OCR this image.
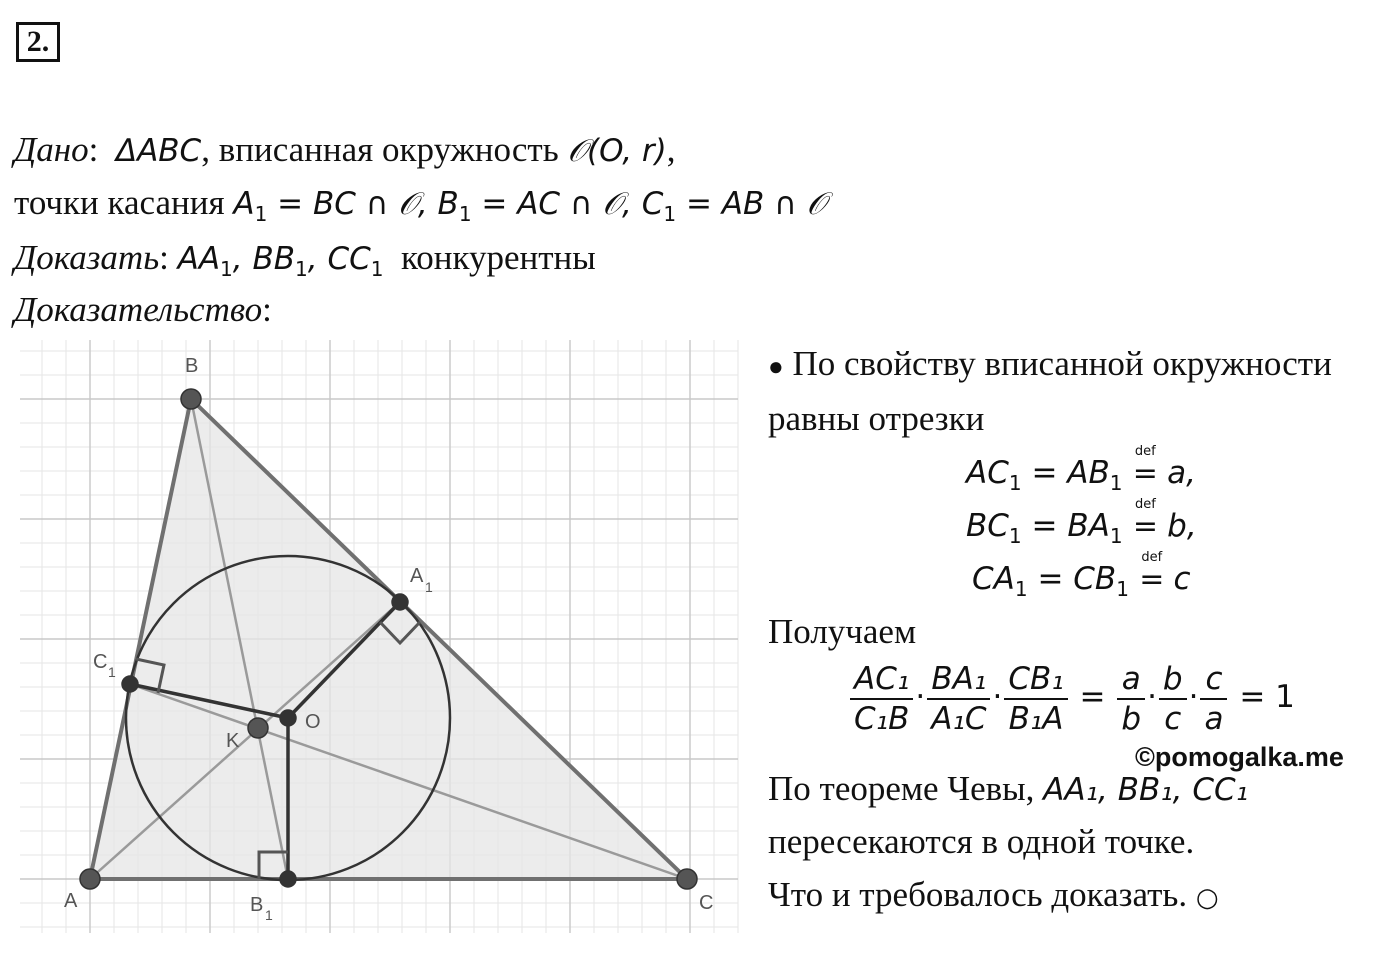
2.
Дано:  ΔABC, вписанная окружность 𝒪(O, r),
точки касания $A_1$ = BC ∩ 𝒪, $B_1$ = AC ∩ 𝒪, $C_1$ = AB ∩ 𝒪
Доказать: $AA_1$, $BB_1$, $CC_1$ конкурентны
Доказательство:
A
B
C
O
K
A 1
B 1
C 1
● По свойству вписанной окружности
равны отрезки
$AC_1 = AB_1$
def
= a,
$BC_1 = BA_1$
def
= b,
$CA_1 = CB_1$
def
= c
Получаем
$\frac{\text{AC₁}}{\text{C₁B}} \cdot \frac{\text{BA₁}}{\text{A₁C}} \cdot \frac{\text{CB₁}}{\text{B₁A}} = \frac{a}{b} \cdot \frac{b}{c} \cdot \frac{c}{a} = 1$
По теореме Чевы, AA₁, BB₁, CC₁
пересекаются в одной точке.
Что и требовалось доказать. ○
©pomogalka.me
